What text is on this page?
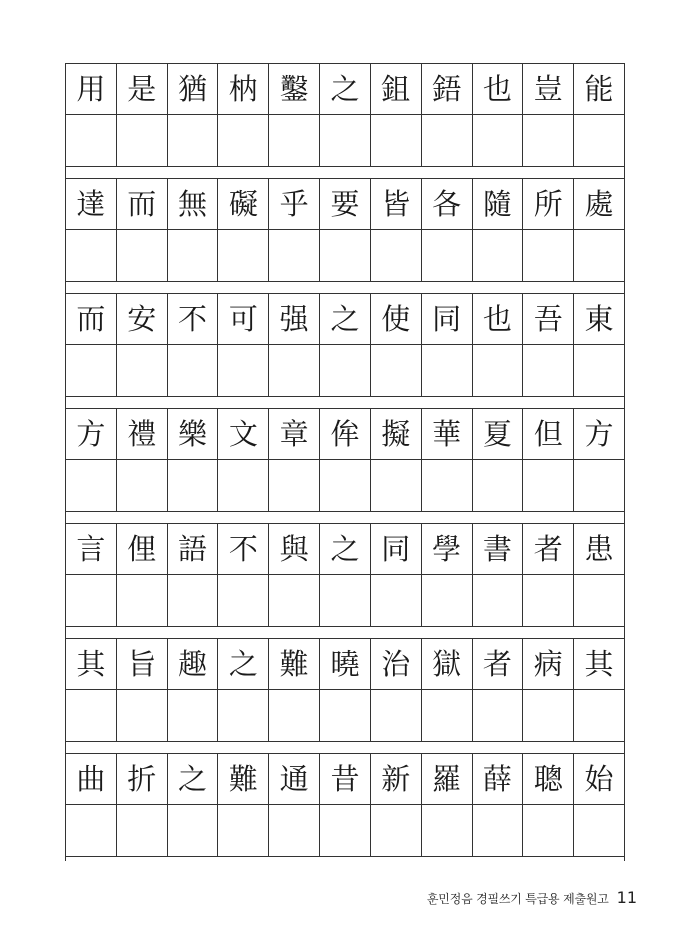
用 是 猶 枘 鑿 之 鉏 鋙 也 豈 能
達 而 無 礙 乎 要 皆 各 隨 所 處
而 安 不 可 强 之 使 同 也 吾 東
方 禮 樂 文 章 侔 擬 華 夏 但 方
言 俚 語 不 與 之 同 學 書 者 患
其 旨 趣 之 難 曉 治 獄 者 病 其
曲 折 之 難 通 昔 新 羅 薛 聰 始
훈민정음 경필쓰기 특급용 제출원고 11
